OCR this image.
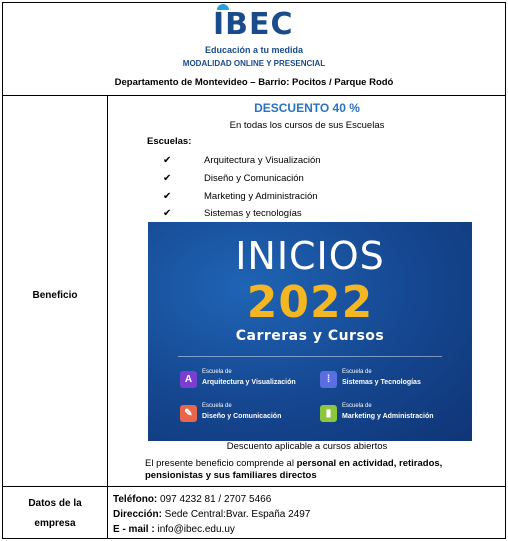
IBEC
Educación a tu medida
MODALIDAD ONLINE Y PRESENCIAL
Departamento de Montevideo – Barrio: Pocitos / Parque Rodó
Beneficio
DESCUENTO 40 %
En todas los cursos de sus Escuelas
Escuelas:
✔	Arquitectura y Visualización
✔	Diseño y Comunicación
✔	Marketing y Administración
✔	Sistemas y tecnologías
INICIOS
2022
Carreras y Cursos
A
Escuela de
Arquitectura y Visualización	⁞
Escuela de
Sistemas y Tecnologías
✎
Escuela de
Diseño y Comunicación	▮
Escuela de
Marketing y Administración
Descuento aplicable a cursos abiertos
El presente beneficio comprende al personal en actividad, retirados, pensionistas y sus familiares directos
Datos de la
empresa
Teléfono: 097 4232 81 / 2707 5466
Dirección: Sede Central:Bvar. España 2497
E - mail : info@ibec.edu.uy
